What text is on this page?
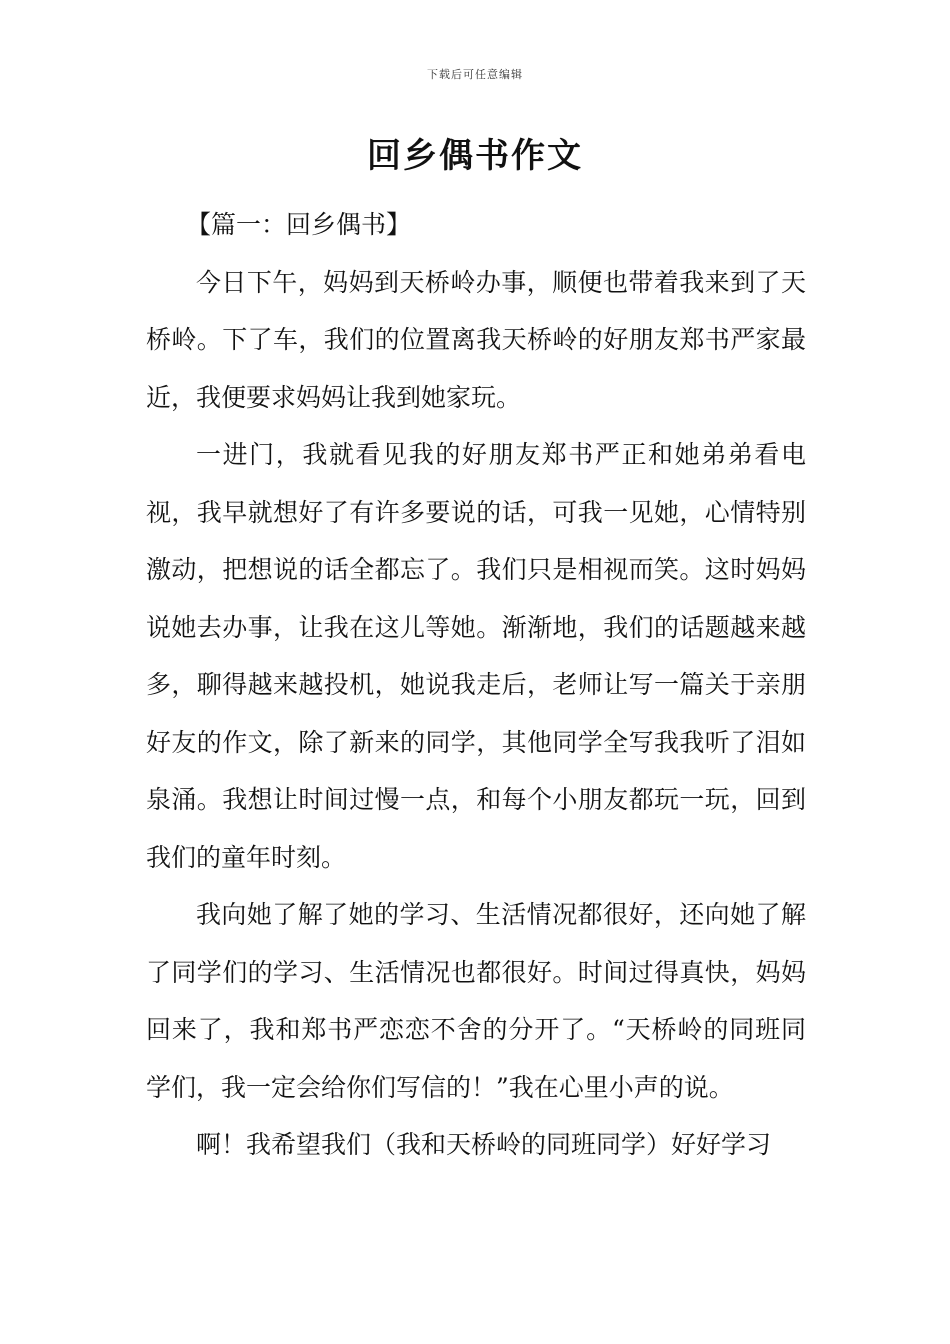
下载后可任意编辑
回乡偶书作文

【篇一：回乡偶书】

今日下午，妈妈到天桥岭办事，顺便也带着我来到了天桥岭。下了车，我们的位置离我天桥岭的好朋友郑书严家最近，我便要求妈妈让我到她家玩。

一进门，我就看见我的好朋友郑书严正和她弟弟看电视，我早就想好了有许多要说的话，可我一见她，心情特别激动，把想说的话全都忘了。我们只是相视而笑。这时妈妈说她去办事，让我在这儿等她。渐渐地，我们的话题越来越多，聊得越来越投机，她说我走后，老师让写一篇关于亲朋好友的作文，除了新来的同学，其他同学全写我我听了泪如泉涌。我想让时间过慢一点，和每个小朋友都玩一玩，回到我们的童年时刻。

我向她了解了她的学习、生活情况都很好，还向她了解了同学们的学习、生活情况也都很好。时间过得真快，妈妈回来了，我和郑书严恋恋不舍的分开了。“天桥岭的同班同学们，我一定会给你们写信的！”我在心里小声的说。

啊！我希望我们（我和天桥岭的同班同学）好好学习
